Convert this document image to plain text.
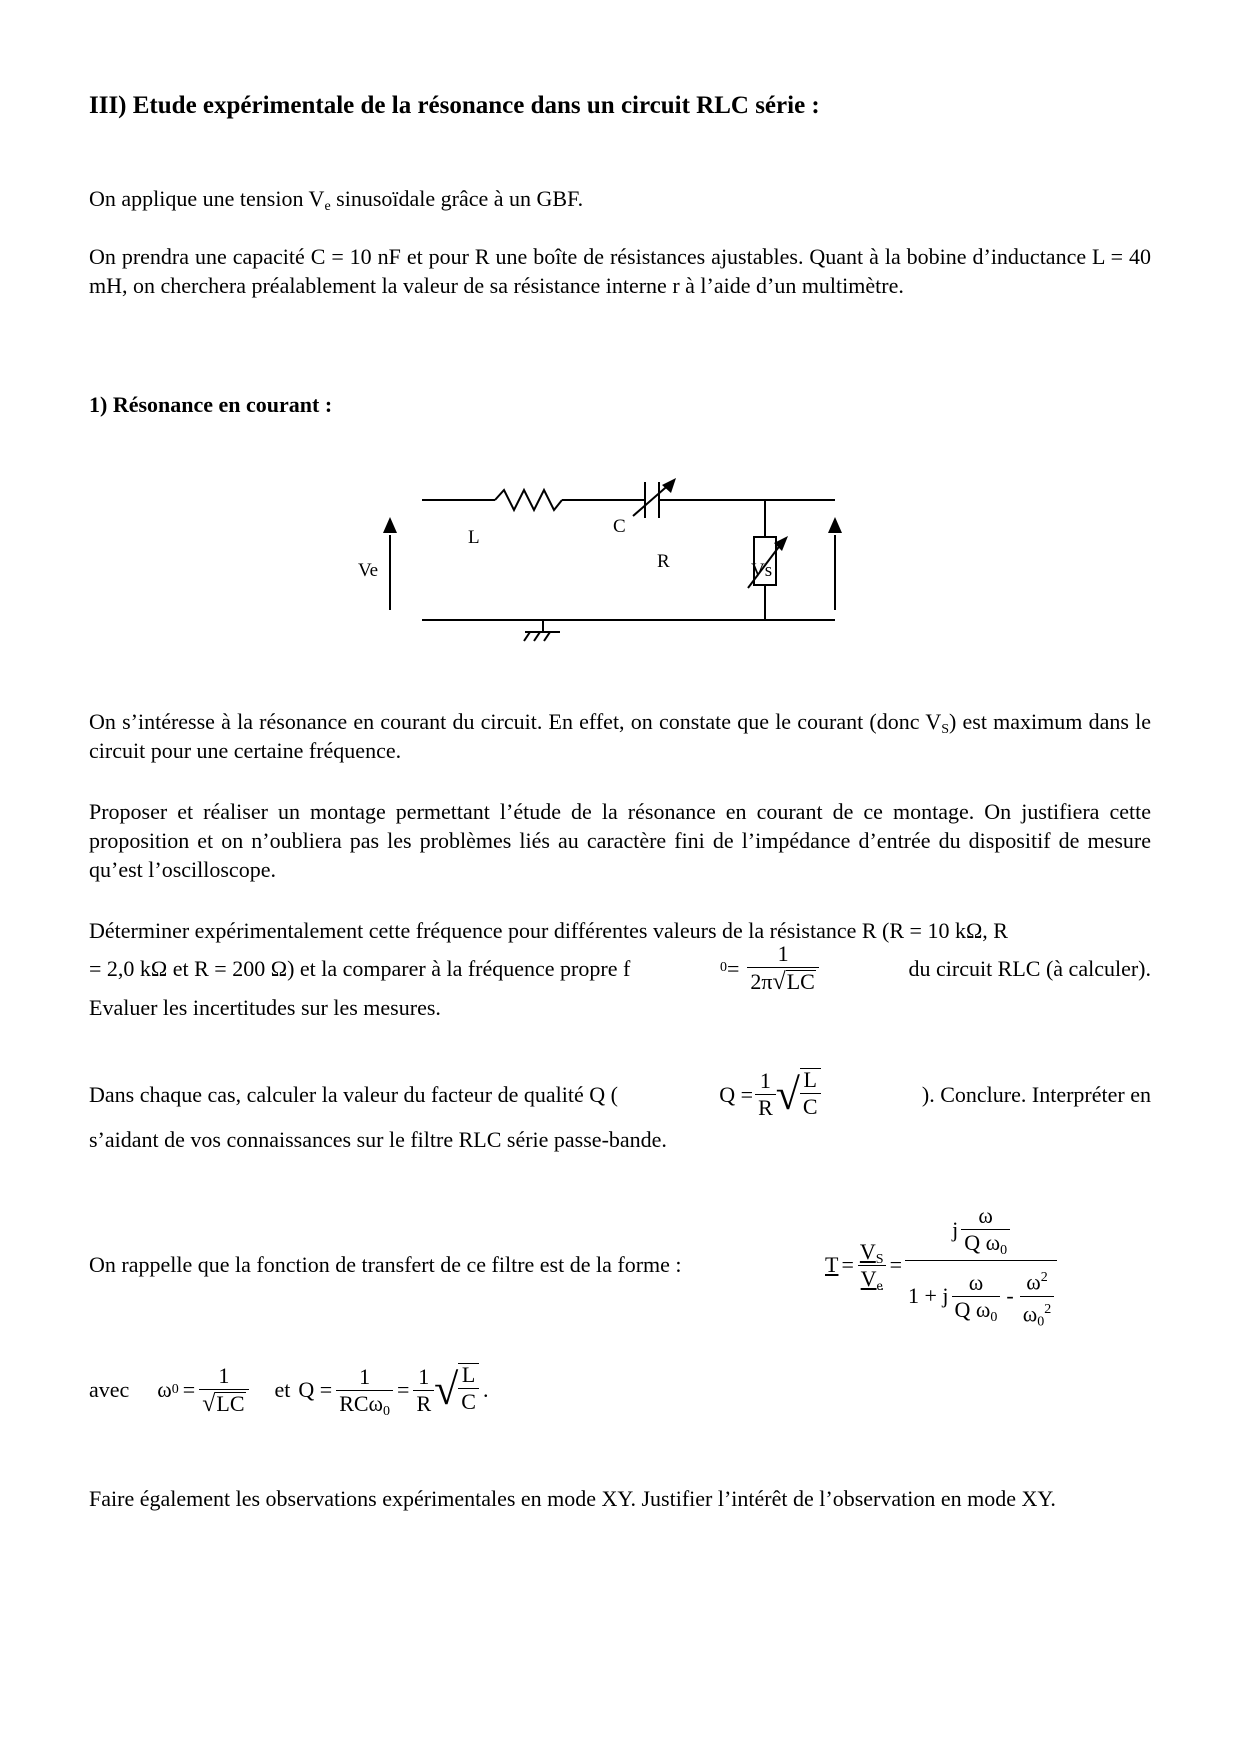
III) Etude expérimentale de la résonance dans un circuit RLC série :
On applique une tension $V_e$ sinusoïdale grâce à un GBF.
On prendra une capacité C = 10 nF et pour R une boîte de résistances ajustables. Quant à la bobine d’inductance L = 40 mH, on cherchera préalablement la valeur de sa résistance interne r à l’aide d’un multimètre.
1) Résonance en courant :
L
C
R
Ve	Vs
On s’intéresse à la résonance en courant du circuit. En effet, on constate que le courant (donc $V_S$) est maximum dans le circuit pour une certaine fréquence.
Proposer et réaliser un montage permettant l’étude de la résonance en courant de ce montage. On justifiera cette proposition et on n’oubliera pas les problèmes liés au caractère fini de l’impédance d’entrée du dispositif de mesure qu’est l’oscilloscope.
Déterminer expérimentalement cette fréquence pour différentes valeurs de la résistance R (R = 10 kΩ, R
= 2,0 kΩ et R = 200 Ω) et la comparer à la fréquence propre f	$0 = \frac{1}{2\pi√LC}$	du circuit RLC (à calculer).
Evaluer les incertitudes sur les mesures.
Dans chaque cas, calculer la valeur du facteur de qualité Q (	$Q = \frac{1}{R}$ √ $\frac{L}{C}$	). Conclure. Interpréter en
s’aidant de vos connaissances sur le filtre RLC série passe-bande.
On rappelle que la fonction de transfert de ce filtre est de la forme :	$T = \frac{V_S}{V_e}$ =
j $\frac{\omega}{Q \omega_0}$
1 + j $\frac{\omega}{Q \omega_0} - \frac{\omega^2}{\omega_0^2}$
avec ω $0 = \frac{1}{√LC}$ et $Q = \frac{1}{RC\omega_0} = \frac{1}{R}$ √ $\frac{L}{C}$ .
Faire également les observations expérimentales en mode XY. Justifier l’intérêt de l’observation en mode XY.
